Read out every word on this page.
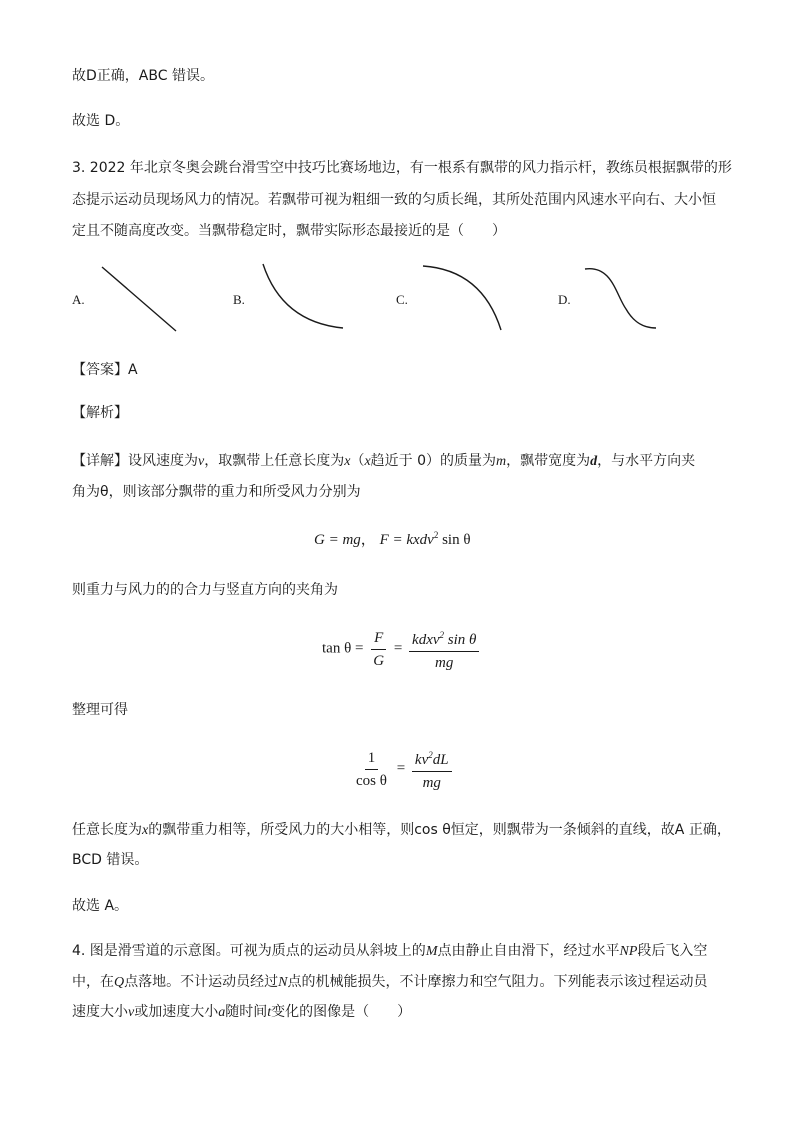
故D正确，ABC 错误。
故选 D。
3. 2022 年北京冬奥会跳台滑雪空中技巧比赛场地边，有一根系有飘带的风力指示杆，教练员根据飘带的形
态提示运动员现场风力的情况。若飘带可视为粗细一致的匀质长绳，其所处范围内风速水平向右、大小恒
定且不随高度改变。当飘带稳定时，飘带实际形态最接近的是（　　）
A.	B.	C.	D.
【答案】A
【解析】
【详解】设风速度为v，取飘带上任意长度为x（x趋近于 0）的质量为m，飘带宽度为d，与水平方向夹
角为θ，则该部分飘带的重力和所受风力分别为
G = mg， F = kxdv$^2$ sin θ
则重力与风力的的合力与竖直方向的夹角为
$\tan \theta = \frac{F}{G} = \frac{kdxv^2 \sin \theta}{mg}$
整理可得
$\frac{1}{\text{cos θ}} = \frac{kv^2dL}{mg}$
任意长度为x的飘带重力相等，所受风力的大小相等，则cos θ恒定，则飘带为一条倾斜的直线，故A 正确，
BCD 错误。
故选 A。
4. 图是滑雪道的示意图。可视为质点的运动员从斜坡上的M点由静止自由滑下，经过水平NP段后飞入空
中，在Q点落地。不计运动员经过N点的机械能损失，不计摩擦力和空气阻力。下列能表示该过程运动员
速度大小v或加速度大小a随时间t变化的图像是（　　）
